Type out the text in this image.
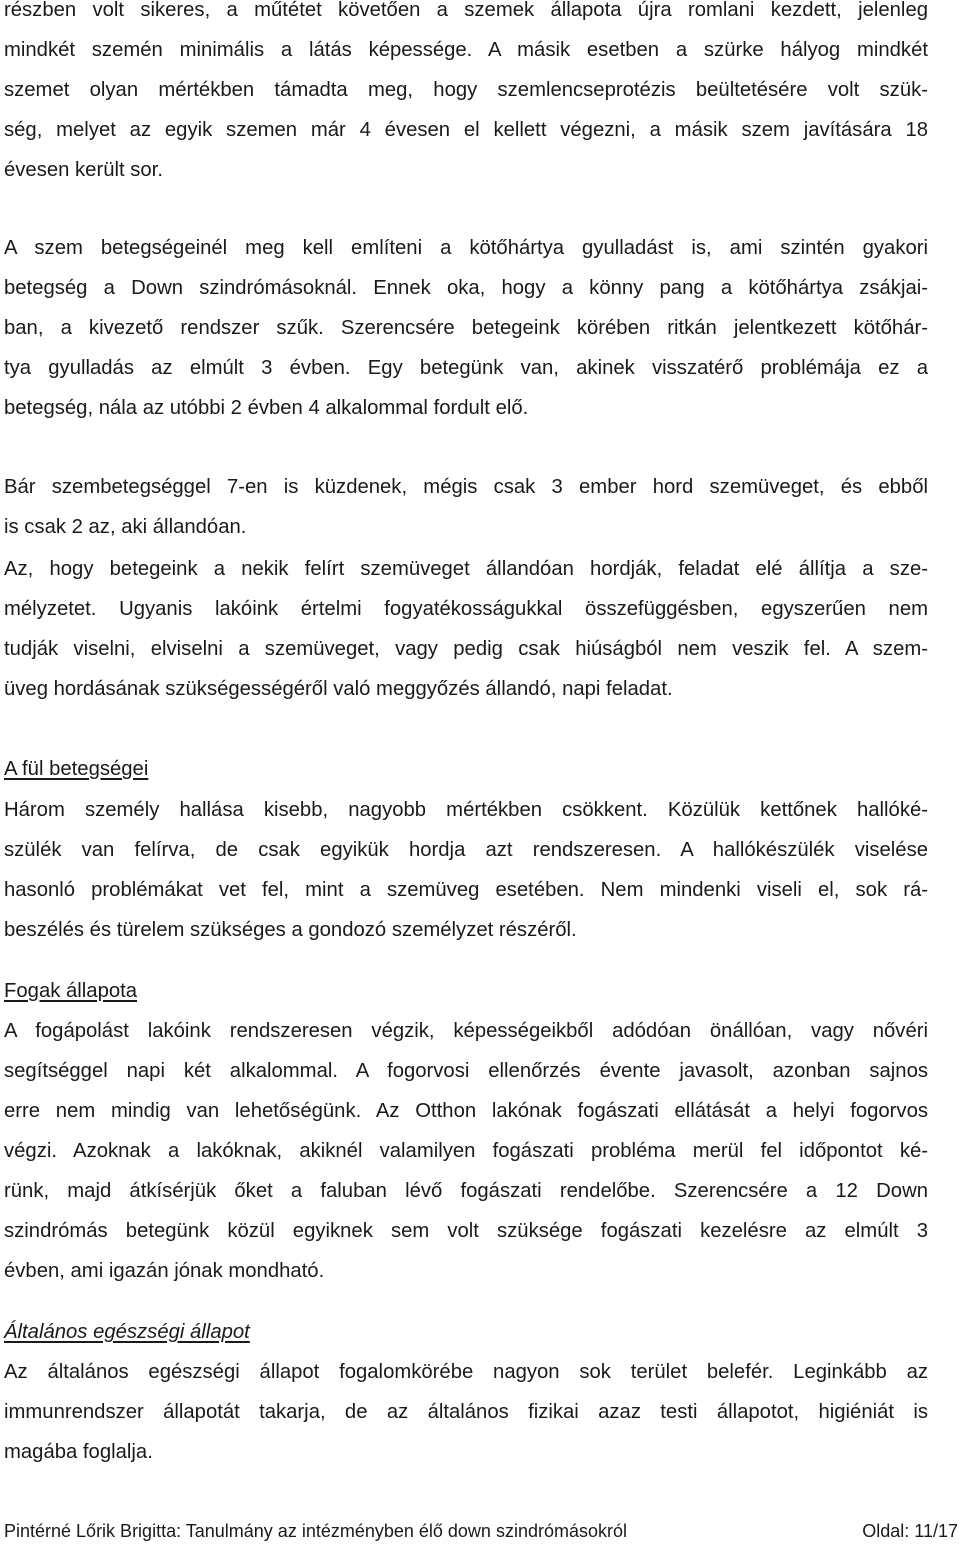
részben volt sikeres, a műtétet követően a szemek állapota újra romlani kezdett, jelenleg
mindkét szemén minimális a látás képessége. A másik esetben a szürke hályog mindkét
szemet olyan mértékben támadta meg, hogy szemlencseprotézis beültetésére volt szük-
ség, melyet az egyik szemen már 4 évesen el kellett végezni, a másik szem javítására 18
évesen került sor.
A szem betegségeinél meg kell említeni a kötőhártya gyulladást is, ami szintén gyakori
betegség a Down szindrómásoknál. Ennek oka, hogy a könny pang a kötőhártya zsákjai-
ban, a kivezető rendszer szűk. Szerencsére betegeink körében ritkán jelentkezett kötőhár-
tya gyulladás az elmúlt 3 évben. Egy betegünk van, akinek visszatérő problémája ez a
betegség, nála az utóbbi 2 évben 4 alkalommal fordult elő.
Bár szembetegséggel 7-en is küzdenek, mégis csak 3 ember hord szemüveget, és ebből
is csak 2 az, aki állandóan.
Az, hogy betegeink a nekik felírt szemüveget állandóan hordják, feladat elé állítja a sze-
mélyzetet. Ugyanis lakóink értelmi fogyatékosságukkal összefüggésben, egyszerűen nem
tudják viselni, elviselni a szemüveget, vagy pedig csak hiúságból nem veszik fel. A szem-
üveg hordásának szükségességéről való meggyőzés állandó, napi feladat.
A fül betegségei
Három személy hallása kisebb, nagyobb mértékben csökkent. Közülük kettőnek hallóké-
szülék van felírva, de csak egyikük hordja azt rendszeresen. A hallókészülék viselése
hasonló problémákat vet fel, mint a szemüveg esetében. Nem mindenki viseli el, sok rá-
beszélés és türelem szükséges a gondozó személyzet részéről.
Fogak állapota
A fogápolást lakóink rendszeresen végzik, képességeikből adódóan önállóan, vagy nővéri
segítséggel napi két alkalommal. A fogorvosi ellenőrzés évente javasolt, azonban sajnos
erre nem mindig van lehetőségünk. Az Otthon lakónak fogászati ellátását a helyi fogorvos
végzi. Azoknak a lakóknak, akiknél valamilyen fogászati probléma merül fel időpontot ké-
rünk, majd átkísérjük őket a faluban lévő fogászati rendelőbe. Szerencsére a 12 Down
szindrómás betegünk közül egyiknek sem volt szüksége fogászati kezelésre az elmúlt 3
évben, ami igazán jónak mondható.
Általános egészségi állapot
Az általános egészségi állapot fogalomkörébe nagyon sok terület belefér. Leginkább az
immunrendszer állapotát takarja, de az általános fizikai azaz testi állapotot, higiéniát is
magába foglalja.
Pintérné Lőrik Brigitta: Tanulmány az intézményben élő down szindrómásokról	Oldal: 11/17
